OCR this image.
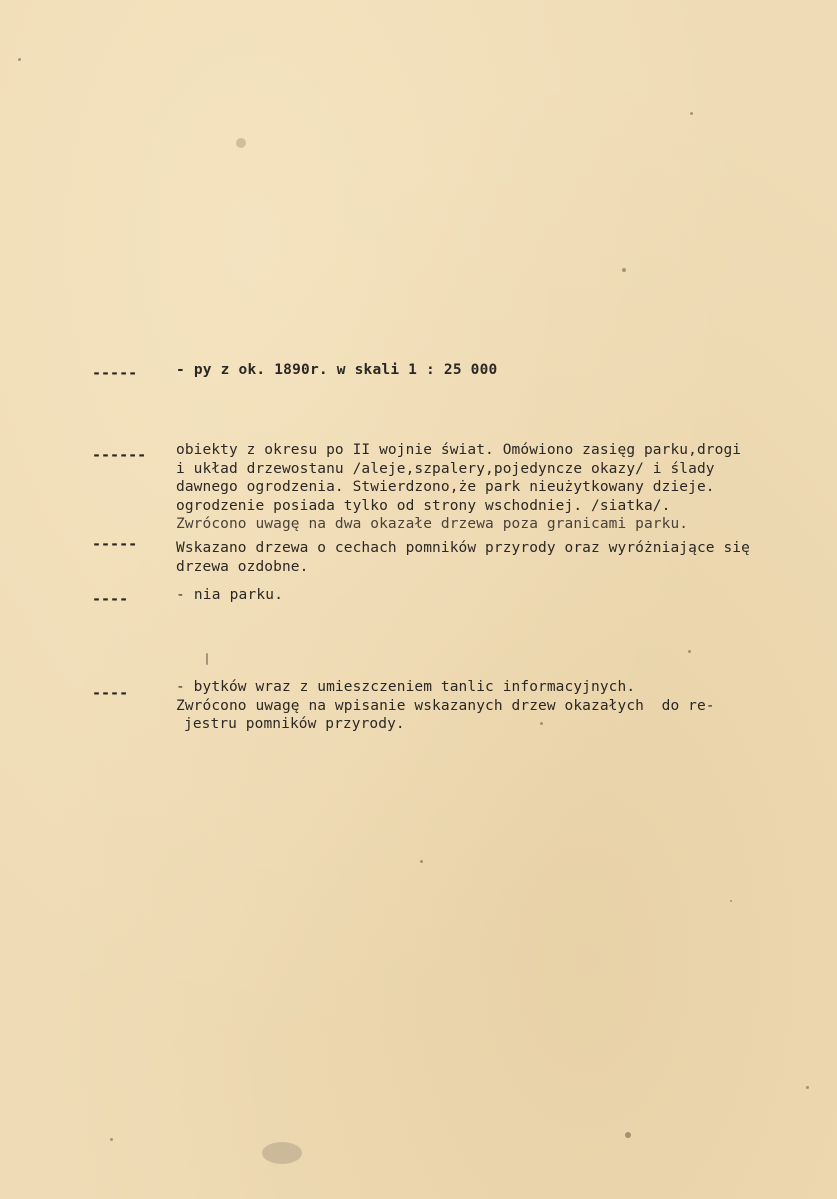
-----	- py z ok. 1890r. w skali 1 : 25 000
------ obiekty z okresu po II wojnie świat. Omówiono zasięg parku,drogi
i układ drzewostanu /aleje,szpalery,pojedyncze okazy/ i ślady
dawnego ogrodzenia. Stwierdzono,że park nieużytkowany dzieje.
ogrodzenie posiada tylko od strony wschodniej. /siatka/.
Zwrócono uwagę na dwa okazałe drzewa poza granicami parku.
-----	Wskazano drzewa o cechach pomników przyrody oraz wyróżniające się
drzewa ozdobne.
----	- nia parku.
----	- bytków wraz z umieszczeniem tanlic informacyjnych.
Zwrócono uwagę na wpisanie wskazanych drzew okazałych  do re-
jestru pomników przyrody.
